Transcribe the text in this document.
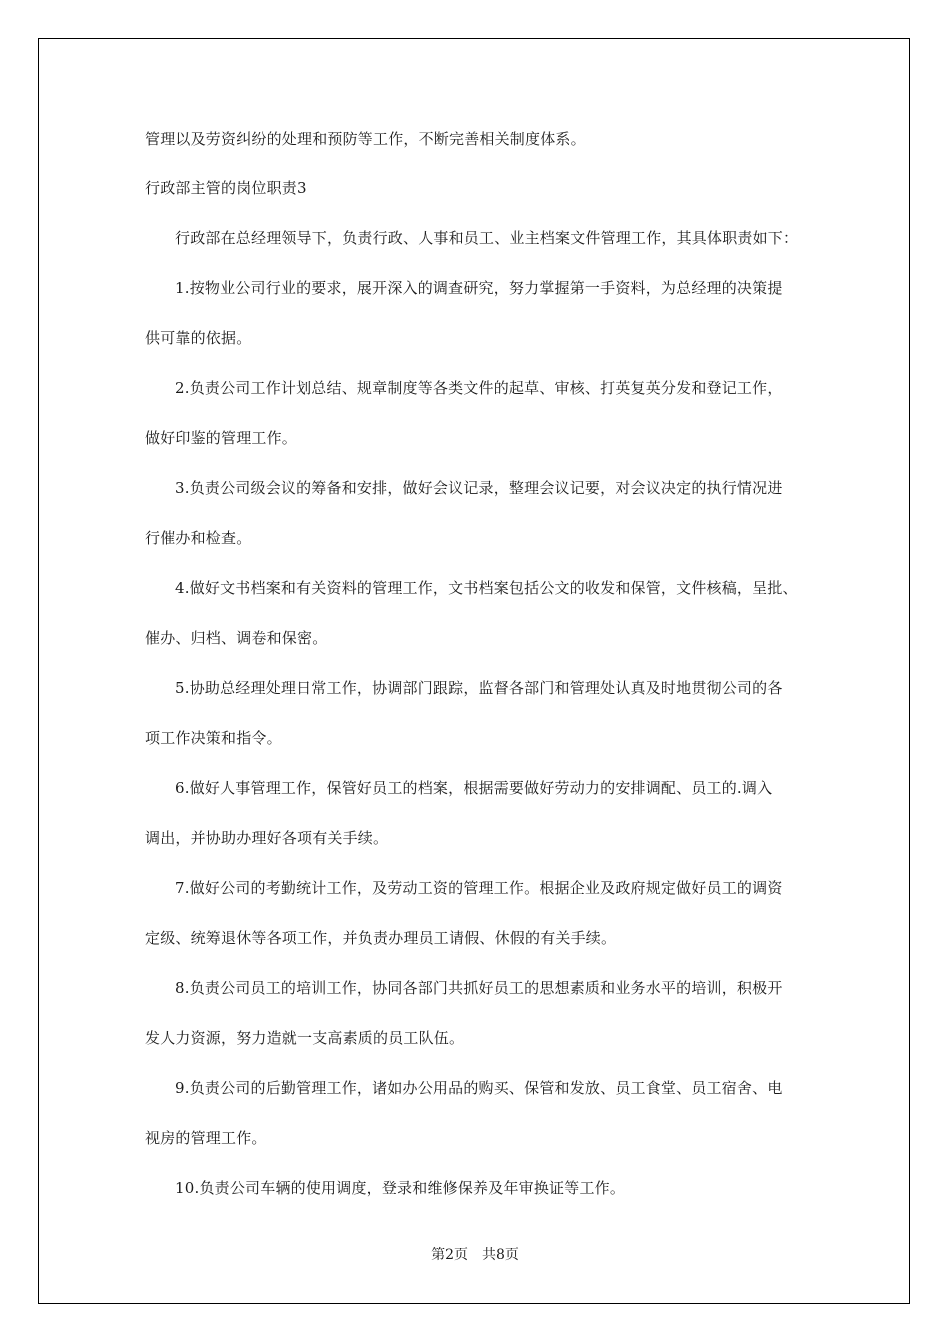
管理以及劳资纠纷的处理和预防等工作，不断完善相关制度体系。
行政部主管的岗位职责3
行政部在总经理领导下，负责行政、人事和员工、业主档案文件管理工作，其具体职责如下：
1.按物业公司行业的要求，展开深入的调查研究，努力掌握第一手资料，为总经理的决策提
供可靠的依据。
2.负责公司工作计划总结、规章制度等各类文件的起草、审核、打英复英分发和登记工作，
做好印鉴的管理工作。
3.负责公司级会议的筹备和安排，做好会议记录，整理会议记要，对会议决定的执行情况进
行催办和检查。
4.做好文书档案和有关资料的管理工作，文书档案包括公文的收发和保管，文件核稿，呈批、
催办、归档、调卷和保密。
5.协助总经理处理日常工作，协调部门跟踪，监督各部门和管理处认真及时地贯彻公司的各
项工作决策和指令。
6.做好人事管理工作，保管好员工的档案，根据需要做好劳动力的安排调配、员工的.调入
调出，并协助办理好各项有关手续。
7.做好公司的考勤统计工作，及劳动工资的管理工作。根据企业及政府规定做好员工的调资
定级、统筹退休等各项工作，并负责办理员工请假、休假的有关手续。
8.负责公司员工的培训工作，协同各部门共抓好员工的思想素质和业务水平的培训，积极开
发人力资源，努力造就一支高素质的员工队伍。
9.负责公司的后勤管理工作，诸如办公用品的购买、保管和发放、员工食堂、员工宿舍、电
视房的管理工作。
10.负责公司车辆的使用调度，登录和维修保养及年审换证等工作。
第2页 共8页
